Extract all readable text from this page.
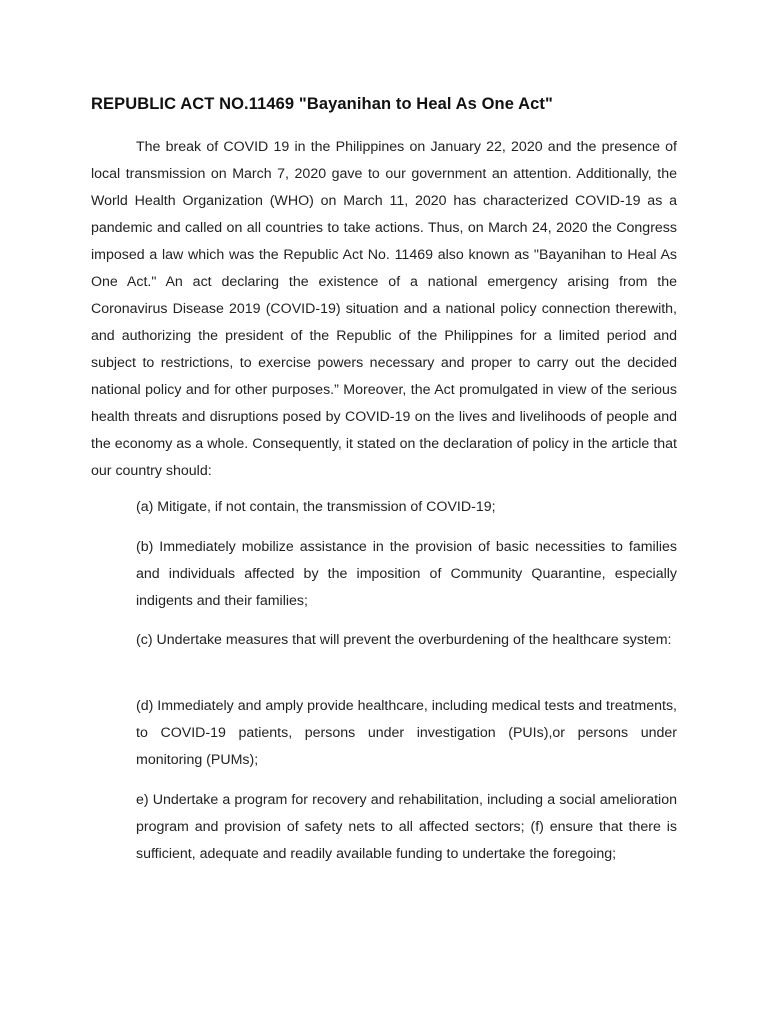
REPUBLIC ACT NO.11469 "Bayanihan to Heal As One Act"

The break of COVID 19 in the Philippines on January 22, 2020 and the presence of local transmission on March 7, 2020 gave to our government an attention. Additionally, the World Health Organization (WHO) on March 11, 2020 has characterized COVID-19 as a pandemic and called on all countries to take actions. Thus, on March 24, 2020 the Congress imposed a law which was the Republic Act No. 11469 also known as "Bayanihan to Heal As One Act." An act declaring the existence of a national emergency arising from the Coronavirus Disease 2019 (COVID-19) situation and a national policy connection therewith, and authorizing the president of the Republic of the Philippines for a limited period and subject to restrictions, to exercise powers necessary and proper to carry out the decided national policy and for other purposes.” Moreover, the Act promulgated in view of the serious health threats and disruptions posed by COVID-19 on the lives and livelihoods of people and the economy as a whole. Consequently, it stated on the declaration of policy in the article that our country should:

(a) Mitigate, if not contain, the transmission of COVID-19;

(b) Immediately mobilize assistance in the provision of basic necessities to families and individuals affected by the imposition of Community Quarantine, especially indigents and their families;

(c) Undertake measures that will prevent the overburdening of the healthcare system:

(d) Immediately and amply provide healthcare, including medical tests and treatments, to COVID-19 patients, persons under investigation (PUIs),or persons under monitoring (PUMs);

e) Undertake a program for recovery and rehabilitation, including a social amelioration program and provision of safety nets to all affected sectors; (f) ensure that there is sufficient, adequate and readily available funding to undertake the foregoing;
